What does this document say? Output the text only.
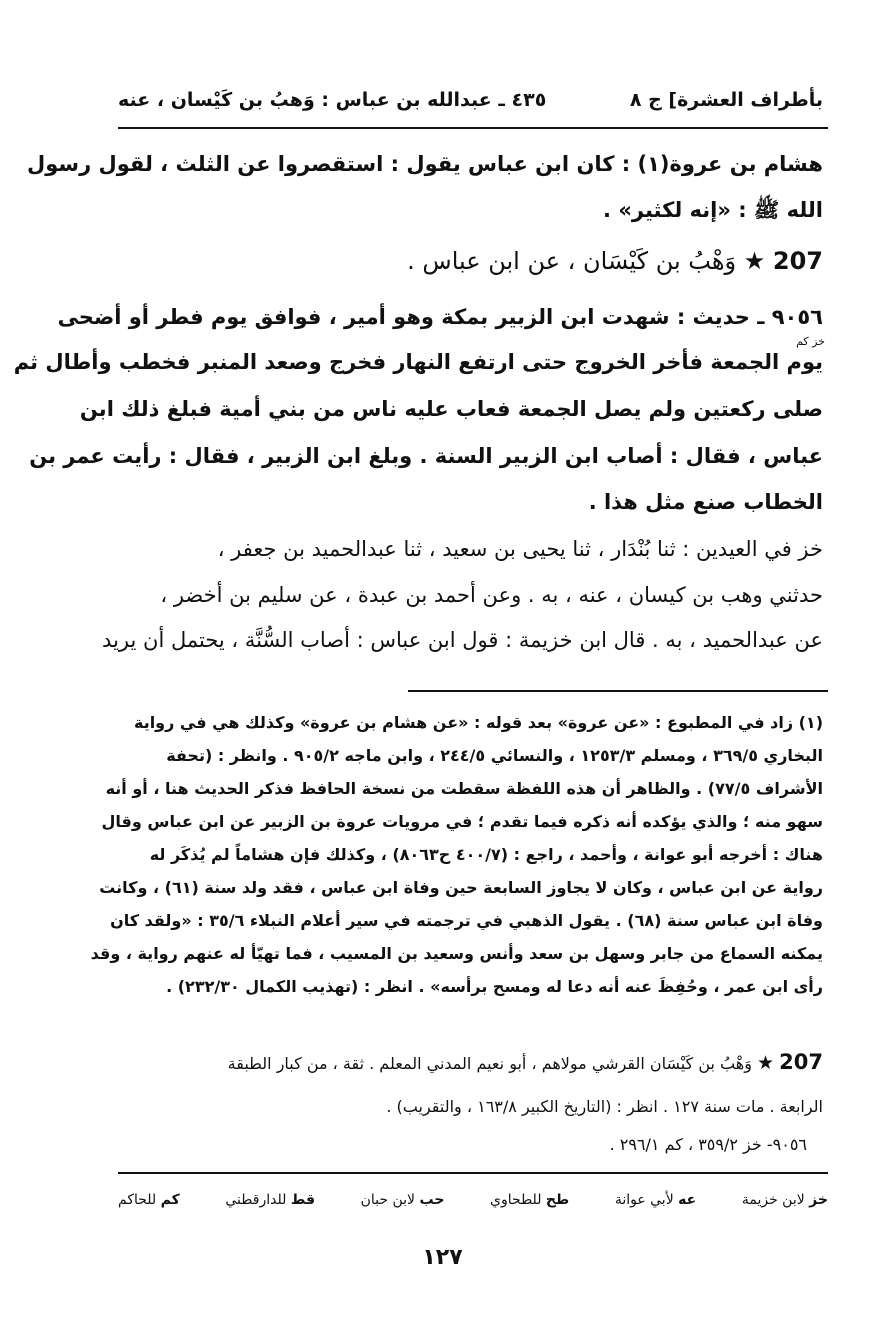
٤٣٥ ـ عبدالله بن عباس : وَهبُ بن كَيْسان ، عنه	بأطراف العشرة] ج ٨
هشام بن عروة(١) : كان ابن عباس يقول : استقصروا عن الثلث ، لقول رسول
الله ﷺ : «إنه لكثير» .
207 ★ وَهْبُ بن كَيْسَان ، عن ابن عباس .
٩٠٥٦ ـ حديث : شهدت ابن الزبير بمكة وهو أمير ، فوافق يوم فطر أو أضحى
خز كم
يوم الجمعة فأخر الخروج حتى ارتفع النهار فخرج وصعد المنبر فخطب وأطال ثم
صلى ركعتين ولم يصل الجمعة فعاب عليه ناس من بني أمية فبلغ ذلك ابن
عباس ، فقال : أصاب ابن الزبير السنة . وبلغ ابن الزبير ، فقال : رأيت عمر بن
الخطاب صنع مثل هذا .
خز في العيدين : ثنا بُنْدَار ، ثنا يحيى بن سعيد ، ثنا عبدالحميد بن جعفر ،
حدثني وهب بن كيسان ، عنه ، به . وعن أحمد بن عبدة ، عن سليم بن أخضر ،
عن عبدالحميد ، به . قال ابن خزيمة : قول ابن عباس : أصاب السُّنَّة ، يحتمل أن يريد
(١) زاد في المطبوع : «عن عروة» بعد قوله : «عن هشام بن عروة» وكذلك هي في رواية
البخاري ٣٦٩/٥ ، ومسلم ١٢٥٣/٣ ، والنسائي ٢٤٤/٥ ، وابن ماجه ٩٠٥/٢ . وانظر : (تحفة
الأشراف ٧٧/٥) . والظاهر أن هذه اللفظة سقطت من نسخة الحافظ فذكر الحديث هنا ، أو أنه
سهو منه ؛ والذي يؤكده أنه ذكره فيما تقدم ؛ في مرويات عروة بن الزبير عن ابن عباس وقال
هناك : أخرجه أبو عوانة ، وأحمد ، راجع : (٤٠٠/٧ ح٨٠٦٣) ، وكذلك فإن هشاماً لم يُذكَر له
رواية عن ابن عباس ، وكان لا يجاوز السابعة حين وفاة ابن عباس ، فقد ولد سنة (٦١) ، وكانت
وفاة ابن عباس سنة (٦٨) . يقول الذهبي في ترجمته في سير أعلام النبلاء ٣٥/٦ : «ولقد كان
يمكنه السماع من جابر وسهل بن سعد وأنس وسعيد بن المسيب ، فما تهيّأ له عنهم رواية ، وقد
رأى ابن عمر ، وحُفِظَ عنه أنه دعا له ومسح برأسه» . انظر : (تهذيب الكمال ٢٣٢/٣٠) .
207 ★ وَهْبُ بن كَيْسَان القرشي مولاهم ، أبو نعيم المدني المعلم . ثقة ، من كبار الطبقة
الرابعة . مات سنة ١٢٧ . انظر : (التاريخ الكبير ١٦٣/٨ ، والتقريب) .
٩٠٥٦- خز ٣٥٩/٢ ، كم ٢٩٦/١ .
خز لابن خزيمة
عه لأبي عوانة
طح للطحاوي
حب لابن حبان
قط للدارقطني
كم للحاكم
١٢٧
